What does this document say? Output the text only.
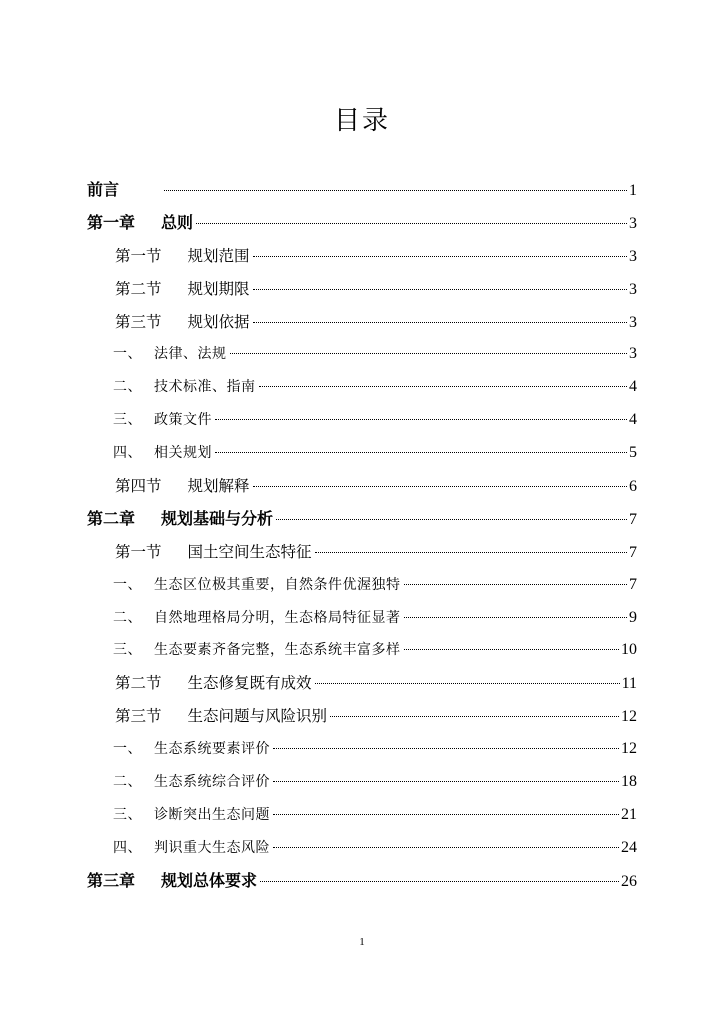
目录
前言	1
第一章 总则	3
第一节 规划范围	3
第二节 规划期限	3
第三节 规划依据	3
一、 法律、法规	3
二、 技术标准、指南	4
三、 政策文件	4
四、 相关规划	5
第四节 规划解释	6
第二章 规划基础与分析	7
第一节 国土空间生态特征	7
一、 生态区位极其重要，自然条件优渥独特	7
二、 自然地理格局分明，生态格局特征显著	9
三、 生态要素齐备完整，生态系统丰富多样	10
第二节 生态修复既有成效	11
第三节 生态问题与风险识别	12
一、 生态系统要素评价	12
二、 生态系统综合评价	18
三、 诊断突出生态问题	21
四、 判识重大生态风险	24
第三章 规划总体要求	26
1
